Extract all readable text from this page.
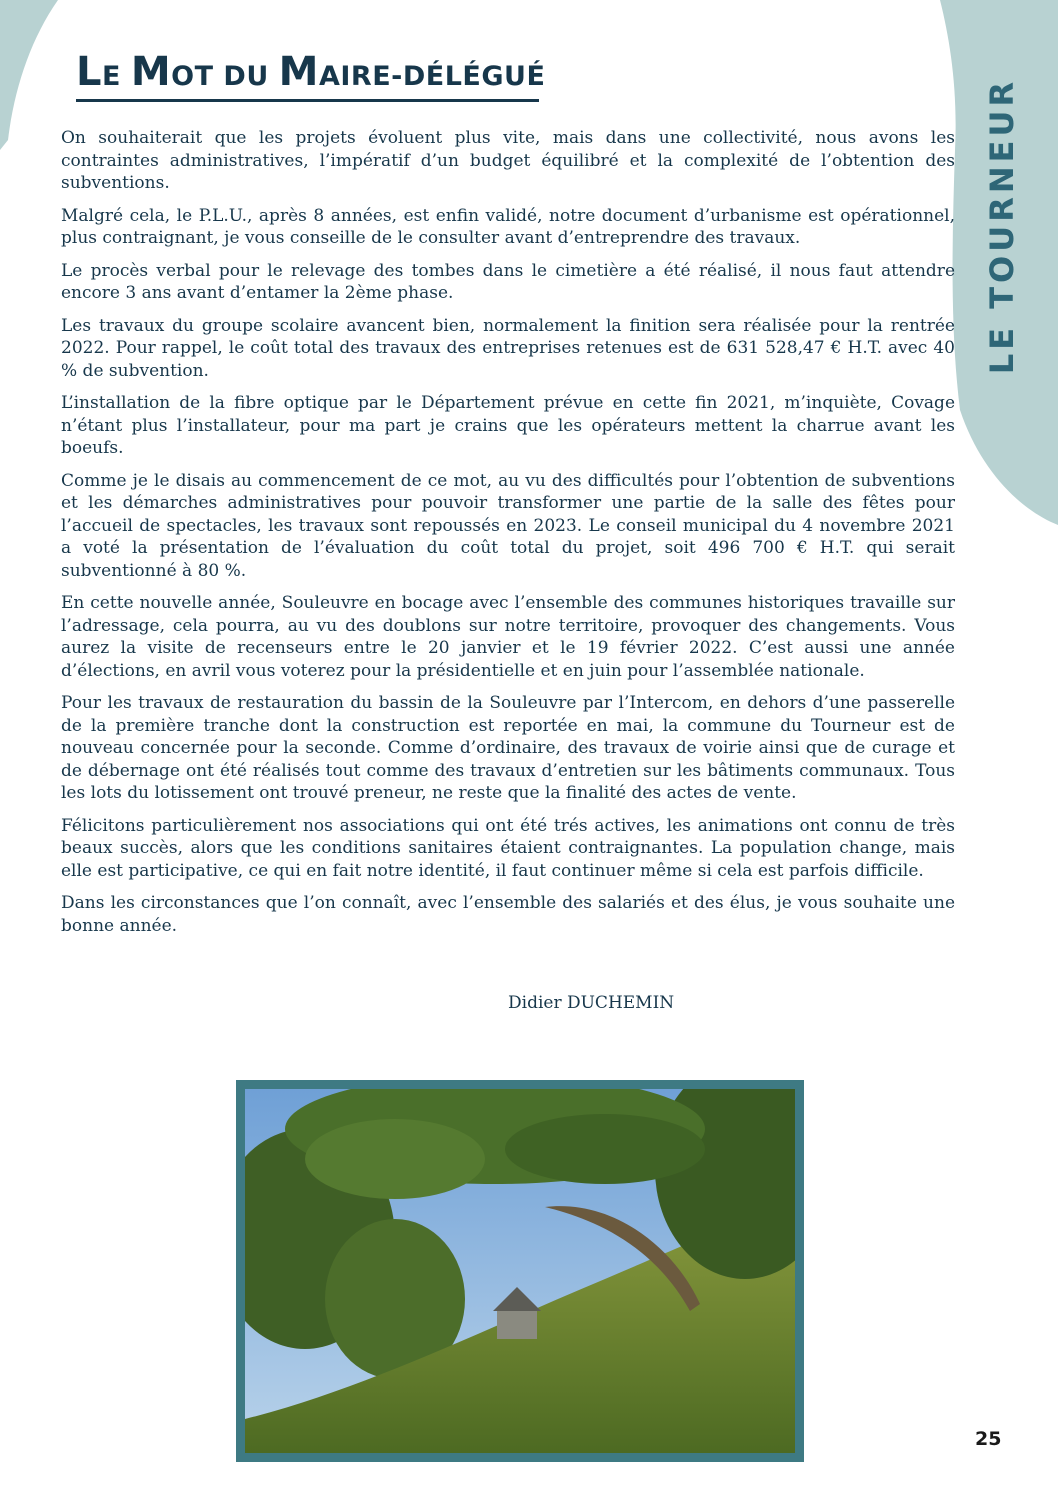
LE MOT DU MAIRE-DÉLÉGUÉ
LE TOURNEUR

On souhaiterait que les projets évoluent plus vite, mais dans une collectivité, nous avons les contraintes administratives, l’impératif d’un budget équilibré et la complexité de l’obtention des subventions.

Malgré cela, le P.L.U., après 8 années, est enfin validé, notre document d’urbanisme est opérationnel, plus contraignant, je vous conseille de le consulter avant d’entreprendre des travaux.

Le procès verbal pour le relevage des tombes dans le cimetière a été réalisé, il nous faut attendre encore 3 ans avant d’entamer la 2ème phase.

Les travaux du groupe scolaire avancent bien, normalement la finition sera réalisée pour la rentrée 2022. Pour rappel, le coût total des travaux des entreprises retenues est de 631 528,47 € H.T. avec 40 % de subvention.

L’installation de la fibre optique par le Département prévue en cette fin 2021, m’inquiète, Covage n’étant plus l’installateur, pour ma part je crains que les opérateurs mettent la charrue avant les boeufs.

Comme je le disais au commencement de ce mot, au vu des difficultés pour l’obtention de subventions et les démarches administratives pour pouvoir transformer une partie de la salle des fêtes pour l’accueil de spectacles, les travaux sont repoussés en 2023. Le conseil municipal du 4 novembre 2021 a voté la présentation de l’évaluation du coût total du projet, soit 496 700 € H.T. qui serait subventionné à 80 %.

En cette nouvelle année, Souleuvre en bocage avec l’ensemble des communes historiques travaille sur l’adressage, cela pourra, au vu des doublons sur notre territoire, provoquer des changements. Vous aurez la visite de recenseurs entre le 20 janvier et le 19 février 2022. C’est aussi une année d’élections, en avril vous voterez pour la présidentielle et en juin pour l’assemblée nationale.

Pour les travaux de restauration du bassin de la Souleuvre par l’Intercom, en dehors d’une passerelle de la première tranche dont la construction est reportée en mai, la commune du Tourneur est de nouveau concernée pour la seconde. Comme d’ordinaire, des travaux de voirie ainsi que de curage et de débernage ont été réalisés tout comme des travaux d’entretien sur les bâtiments communaux. Tous les lots du lotissement ont trouvé preneur, ne reste que la finalité des actes de vente.

Félicitons particulièrement nos associations qui ont été trés actives, les animations ont connu de très beaux succès, alors que les conditions sanitaires étaient contraignantes. La population change, mais elle est participative, ce qui en fait notre identité, il faut continuer même si cela est parfois difficile.

Dans les circonstances que l’on connaît, avec l’ensemble des salariés et des élus, je vous souhaite une bonne année.

Didier DUCHEMIN
25
